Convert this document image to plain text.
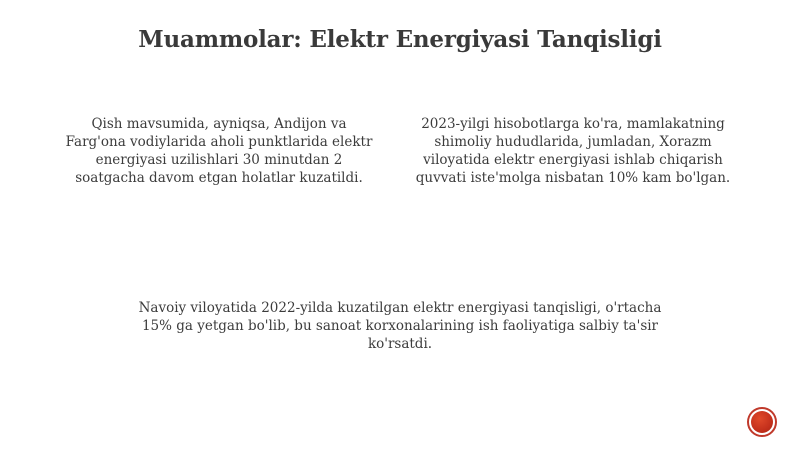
Muammolar: Elektr Energiyasi Tanqisligi

Qish mavsumida, ayniqsa, Andijon va Farg'ona vodiylarida aholi punktlarida elektr energiyasi uzilishlari 30 minutdan 2 soatgacha davom etgan holatlar kuzatildi.

2023-yilgi hisobotlarga ko'ra, mamlakatning shimoliy hududlarida, jumladan, Xorazm viloyatida elektr energiyasi ishlab chiqarish quvvati iste'molga nisbatan 10% kam bo'lgan.

Navoiy viloyatida 2022-yilda kuzatilgan elektr energiyasi tanqisligi, o'rtacha 15% ga yetgan bo'lib, bu sanoat korxonalarining ish faoliyatiga salbiy ta'sir ko'rsatdi.
